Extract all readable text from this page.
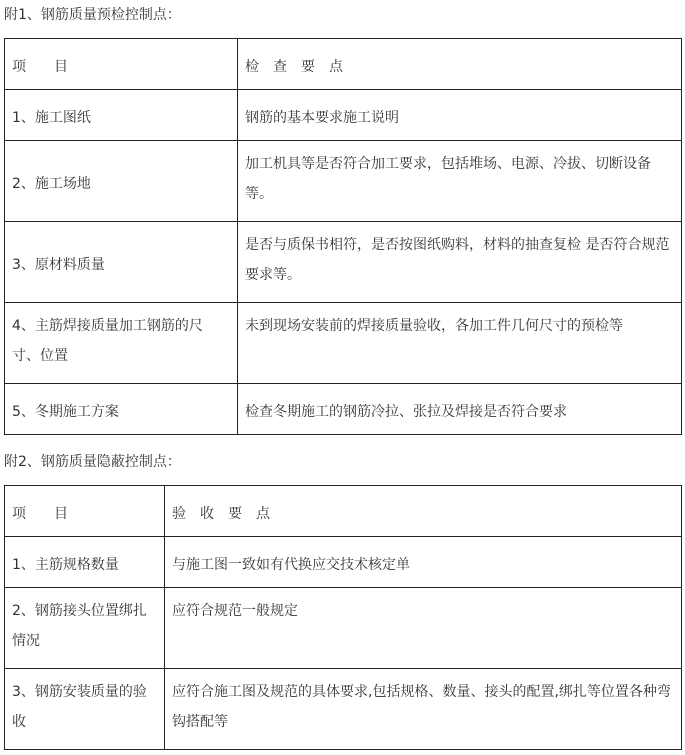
附1、钢筋质量预检控制点：
项　　目	检　查　要　点
1、施工图纸	钢筋的基本要求施工说明
2、施工场地	加工机具等是否符合加工要求，包括堆场、电源、冷拔、切断设备等。
3、原材料质量	是否与质保书相符，是否按图纸购料，材料的抽查复检 是否符合规范要求等。
4、主筋焊接质量加工钢筋的尺寸、位置	未到现场安装前的焊接质量验收，各加工件几何尺寸的预检等
5、冬期施工方案	检查冬期施工的钢筋冷拉、张拉及焊接是否符合要求
附2、钢筋质量隐蔽控制点：
项　　目	验　收　要　点
1、主筋规格数量	与施工图一致如有代换应交技术核定单
2、钢筋接头位置绑扎情况	应符合规范一般规定
3、钢筋安装质量的验收	应符合施工图及规范的具体要求,包括规格、数量、接头的配置,绑扎等位置各种弯钩搭配等
